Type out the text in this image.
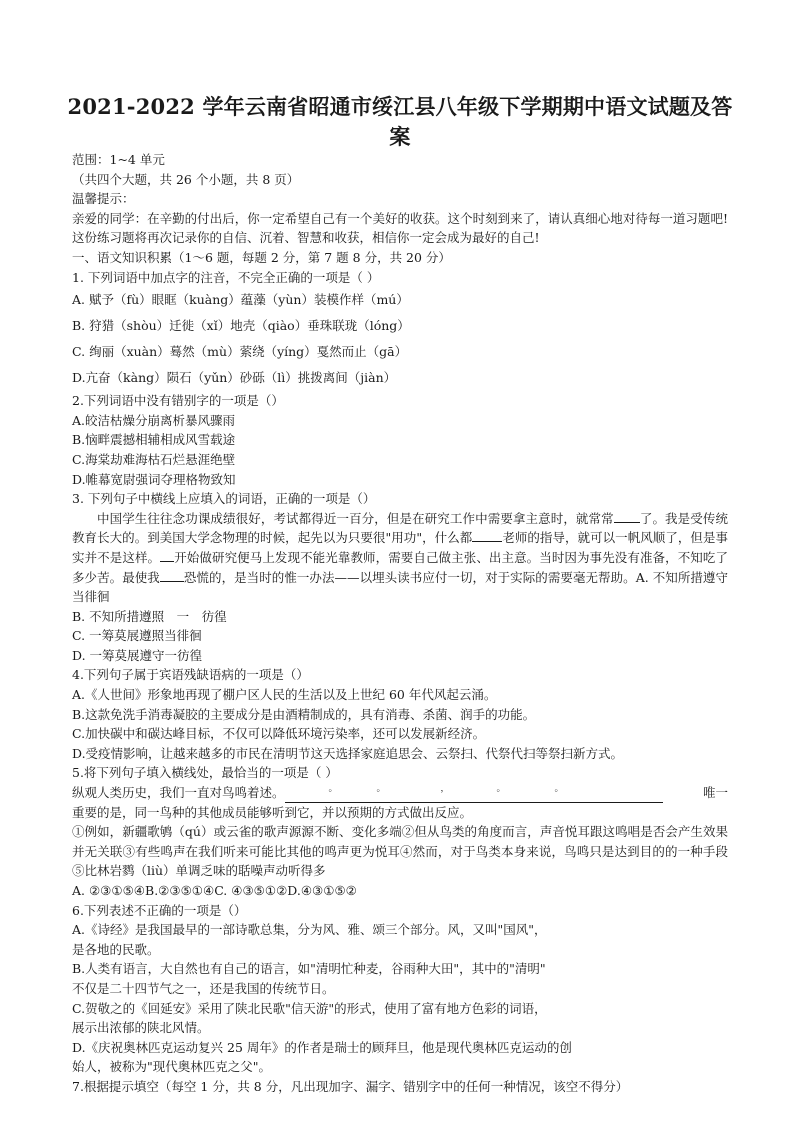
2021-2022 学年云南省昭通市绥江县八年级下学期期中语文试题及答
案
范围：1~4 单元
（共四个大题，共 26 个小题，共 8 页）
温馨提示：
亲爱的同学：在辛勤的付出后，你一定希望自己有一个美好的收获。这个时刻到来了，请认真细心地对待每一道习题吧!这份练习题将再次记录你的自信、沉着、智慧和收获，相信你一定会成为最好的自己!
一、语文知识积累（1～6 题，每题 2 分，第 7 题 8 分，共 20 分）
1. 下列词语中加点字的注音，不完全正确的一项是（ ）
A. 赋予（fù）眼眶（kuàng）蕴藻（yùn）装模作样（mú）
B. 狩猎（shòu）迁徙（xǐ）地壳（qiào）垂珠联珑（lóng）
C. 绚丽（xuàn）蓦然（mù）萦绕（yíng）戛然而止（gā）
D.亢奋（kàng）陨石（yǔn）砂砾（lì）挑拨离间（jiàn）
2.下列词语中没有错别字的一项是（）
A.皎洁枯燥分崩离析暴风骤雨
B.恼畔震撼相辅相成风雪载途
C.海棠劫难海枯石烂悬涯绝壁
D.帷幕宽尉强词夺理格物致知
3. 下列句子中横线上应填入的词语，正确的一项是（）
中国学生往往念功课成绩很好，考试都得近一百分，但是在研究工作中需要拿主意时，就常常 了。我是受传统教育长大的。到美国大学念物理的时候，起先以为只要很"用功"，什么都 老师的指导，就可以一帆风顺了，但是事实并不是这样。 开始做研究便马上发现不能光靠教师，需要自己做主张、出主意。当时因为事先没有准备，不知吃了多少苦。最使我 恐慌的，是当时的惟一办法——以埋头读书应付一切，对于实际的需要毫无帮助。A. 不知所措遵守当徘徊
B. 不知所措遵照　一　彷徨
C. 一筹莫展遵照当徘徊
D. 一筹莫展遵守一彷徨
4.下列句子属于宾语残缺语病的一项是（）
A.《人世间》形象地再现了棚户区人民的生活以及上世纪 60 年代风起云涌。
B.这款免洗手消毒凝胶的主要成分是由酒精制成的，具有消毒、杀菌、润手的功能。
C.加快碳中和碳达峰目标，不仅可以降低环境污染率，还可以发展新经济。
D.受疫情影响，让越来越多的市民在清明节这天选择家庭追思会、云祭扫、代祭代扫等祭扫新方式。
5.将下列句子填入横线处，最恰当的一项是（ ）
纵观人类历史，我们一直对鸟鸣着述。	。	。	，	。	。	唯一
重要的是，同一鸟种的其他成员能够听到它，并以预期的方式做出反应。
①例如，新疆歌鸲（qú）或云雀的歌声源源不断、变化多端②但从鸟类的角度而言，声音悦耳跟这鸣唱是否会产生效果并无关联③有些鸣声在我们听来可能比其他的鸣声更为悦耳④然而，对于鸟类本身来说，鸟鸣只是达到目的的一种手段⑤比林岩鹨（liù）单调乏味的聒噪声动听得多
A. ②③①⑤④B.②③⑤①④C. ④③⑤①②D.④③①⑤②
6.下列表述不正确的一项是（）
A.《诗经》是我国最早的一部诗歌总集，分为风、雅、颂三个部分。风，又叫"国风"，
是各地的民歌。
B.人类有语言，大自然也有自己的语言，如"清明忙种麦，谷雨种大田"，其中的"清明"
不仅是二十四节气之一，还是我国的传统节日。
C.贺敬之的《回延安》采用了陕北民歌"信天游"的形式，使用了富有地方色彩的词语，
展示出浓郁的陕北风情。
D.《庆祝奥林匹克运动复兴 25 周年》的作者是瑞士的顾拜旦，他是现代奥林匹克运动的创
始人，被称为"现代奥林匹克之父"。
7.根据提示填空（每空 1 分，共 8 分，凡出现加字、漏字、错别字中的任何一种情况，该空不得分）
